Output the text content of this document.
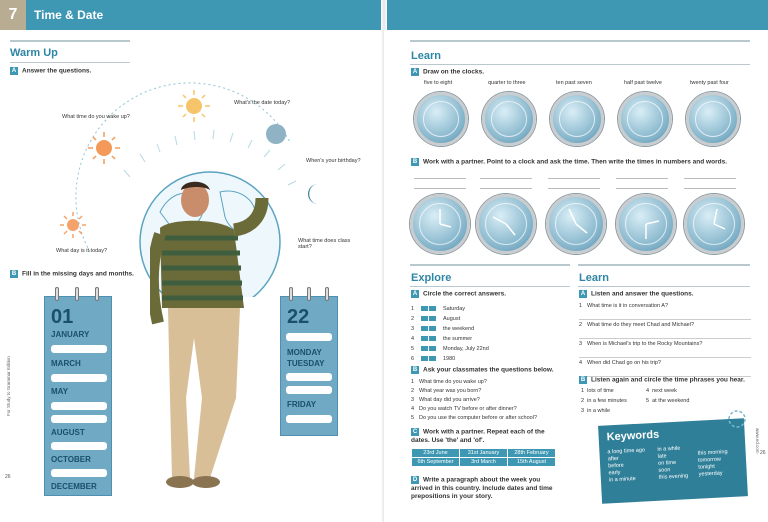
7	Time & Date
Warm Up
A Answer the questions.
What day is it today?
What time do you wake up?
What's the date today?
When's your birthday?
What time does class start?
B Fill in the missing days and months.
01
JANUARY
MARCH
MAY
AUGUST
OCTOBER
DECEMBER
22
MONDAY
TUESDAY
FRIDAY
For Study to Grammar Edition
26
Learn
A Draw on the clocks.
five to eight	quarter to three	ten past seven	half past twelve	twenty past four
B Work with a partner. Point to a clock and ask the time. Then write the times in numbers and words.
Explore
A Circle the correct answers.
1	Saturday
2	August
3	the weekend
4	the summer
5	Monday, July 22nd
6	1980
B Ask your classmates the questions below.
1 What time do you wake up?
2 What year was you born?
3 What day did you arrive?
4 Do you watch TV before or after dinner?
5 Do you use the computer before or after school?
C Work with a partner. Repeat each of the dates. Use 'the' and 'of'.
23rd June	31st January	28th February
6th September	3rd March	15th August
D Write a paragraph about the week you arrived in this country. Include dates and time prepositions in your story.
Learn
A Listen and answer the questions.
1 What time is it in conversation A?
2 What time do they meet Chad and Michael?
3 When is Michael's trip to the Rocky Mountains?
4 When did Chad go on his trip?
B Listen again and circle the time phrases you hear.
1 lots of time	4 next week
2 in a few minutes	5 at the weekend
3 in a while
Keywords
a long time ago
after
before
early
in a minute
in a while
late
on time
soon
this evening
this morning
tomorrow
tonight
yesterday
26
www.ed.com
